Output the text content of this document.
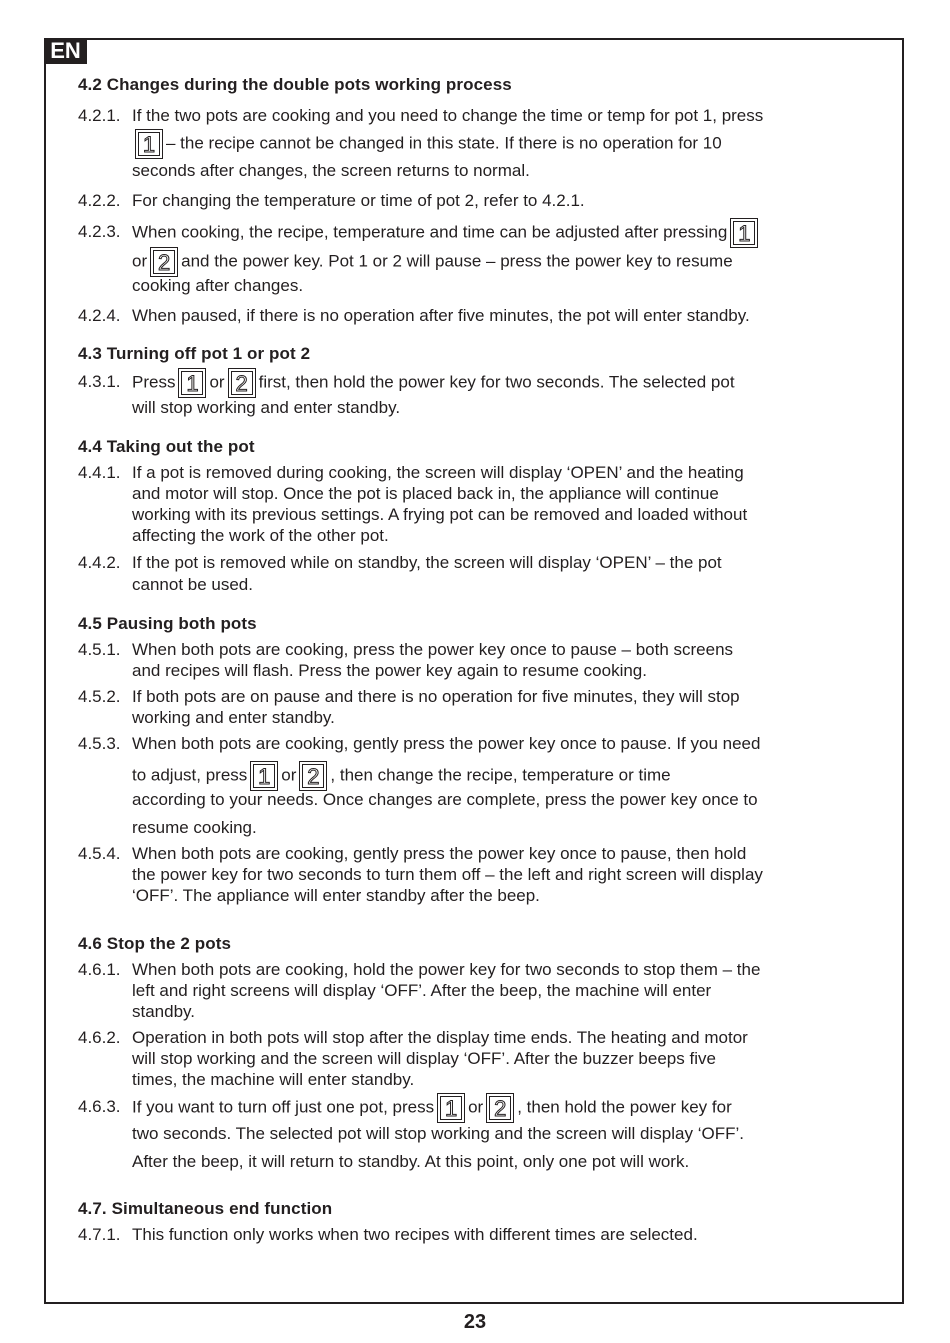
EN
4.2 Changes during the double pots working process
4.2.1. If the two pots are cooking and you need to change the time or temp for pot 1, press
1 – the recipe cannot be changed in this state. If there is no operation for 10
seconds after changes, the screen returns to normal.
4.2.2. For changing the temperature or time of pot 2, refer to 4.2.1.
4.2.3. When cooking, the recipe, temperature and time can be adjusted after pressing 1
or 2 and the power key. Pot 1 or 2 will pause – press the power key to resume
cooking after changes.
4.2.4. When paused, if there is no operation after five minutes, the pot will enter standby.
4.3 Turning off pot 1 or pot 2
4.3.1. Press 1 or 2 first, then hold the power key for two seconds. The selected pot
will stop working and enter standby.
4.4 Taking out the pot
4.4.1. If a pot is removed during cooking, the screen will display ‘OPEN’ and the heating
and motor will stop. Once the pot is placed back in, the appliance will continue
working with its previous settings. A frying pot can be removed and loaded without
affecting the work of the other pot.
4.4.2. If the pot is removed while on standby, the screen will display ‘OPEN’ – the pot
cannot be used.
4.5 Pausing both pots
4.5.1. When both pots are cooking, press the power key once to pause – both screens
and recipes will flash. Press the power key again to resume cooking.
4.5.2. If both pots are on pause and there is no operation for five minutes, they will stop
working and enter standby.
4.5.3. When both pots are cooking, gently press the power key once to pause. If you need
to adjust, press 1 or 2 , then change the recipe, temperature or time
according to your needs. Once changes are complete, press the power key once to
resume cooking.
4.5.4. When both pots are cooking, gently press the power key once to pause, then hold
the power key for two seconds to turn them off – the left and right screen will display
‘OFF’. The appliance will enter standby after the beep.
4.6 Stop the 2 pots
4.6.1. When both pots are cooking, hold the power key for two seconds to stop them – the
left and right screens will display ‘OFF’. After the beep, the machine will enter
standby.
4.6.2. Operation in both pots will stop after the display time ends. The heating and motor
will stop working and the screen will display ‘OFF’. After the buzzer beeps five
times, the machine will enter standby.
4.6.3. If you want to turn off just one pot, press 1 or 2 , then hold the power key for
two seconds. The selected pot will stop working and the screen will display ‘OFF’.
After the beep, it will return to standby. At this point, only one pot will work.
4.7. Simultaneous end function
4.7.1. This function only works when two recipes with different times are selected.
23
